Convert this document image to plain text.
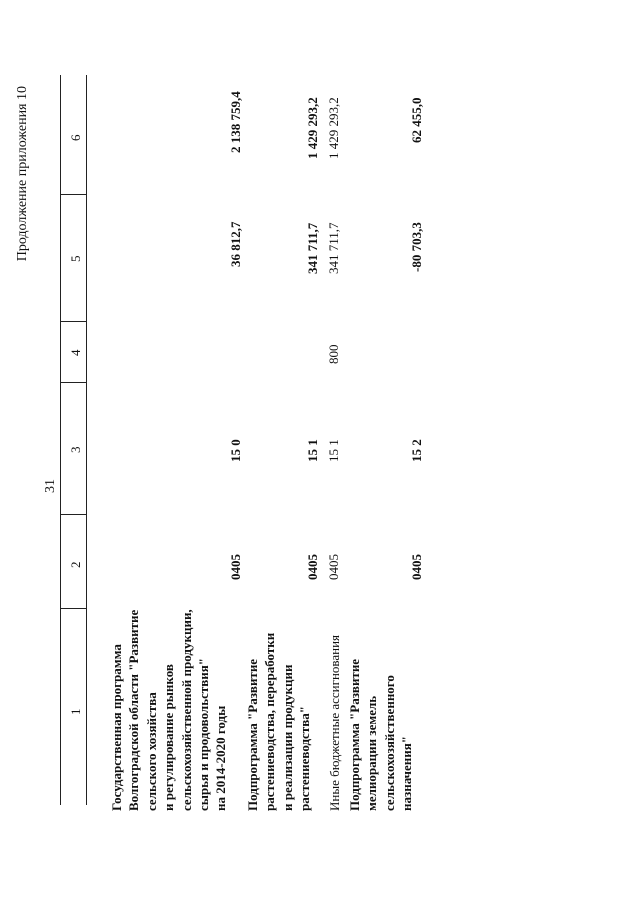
31
Продолжение приложения 10
1
2
3
4
5
6
Государственная программа Волгоградской области "Развитие сельского хозяйства и регулирование рынков сельскохозяйственной продукции, сырья и продовольствия" на 2014-2020 годы
0405
15 0
36 812,7
2 138 759,4
Подпрограмма "Развитие растениеводства, переработки и реализации продукции растениеводства"
0405
15 1
341 711,7
1 429 293,2
Иные бюджетные ассигнования
0405
15 1
800
341 711,7
1 429 293,2
Подпрограмма "Развитие мелиорации земель сельскохозяйственного назначения"
0405
15 2
-80 703,3
62 455,0
